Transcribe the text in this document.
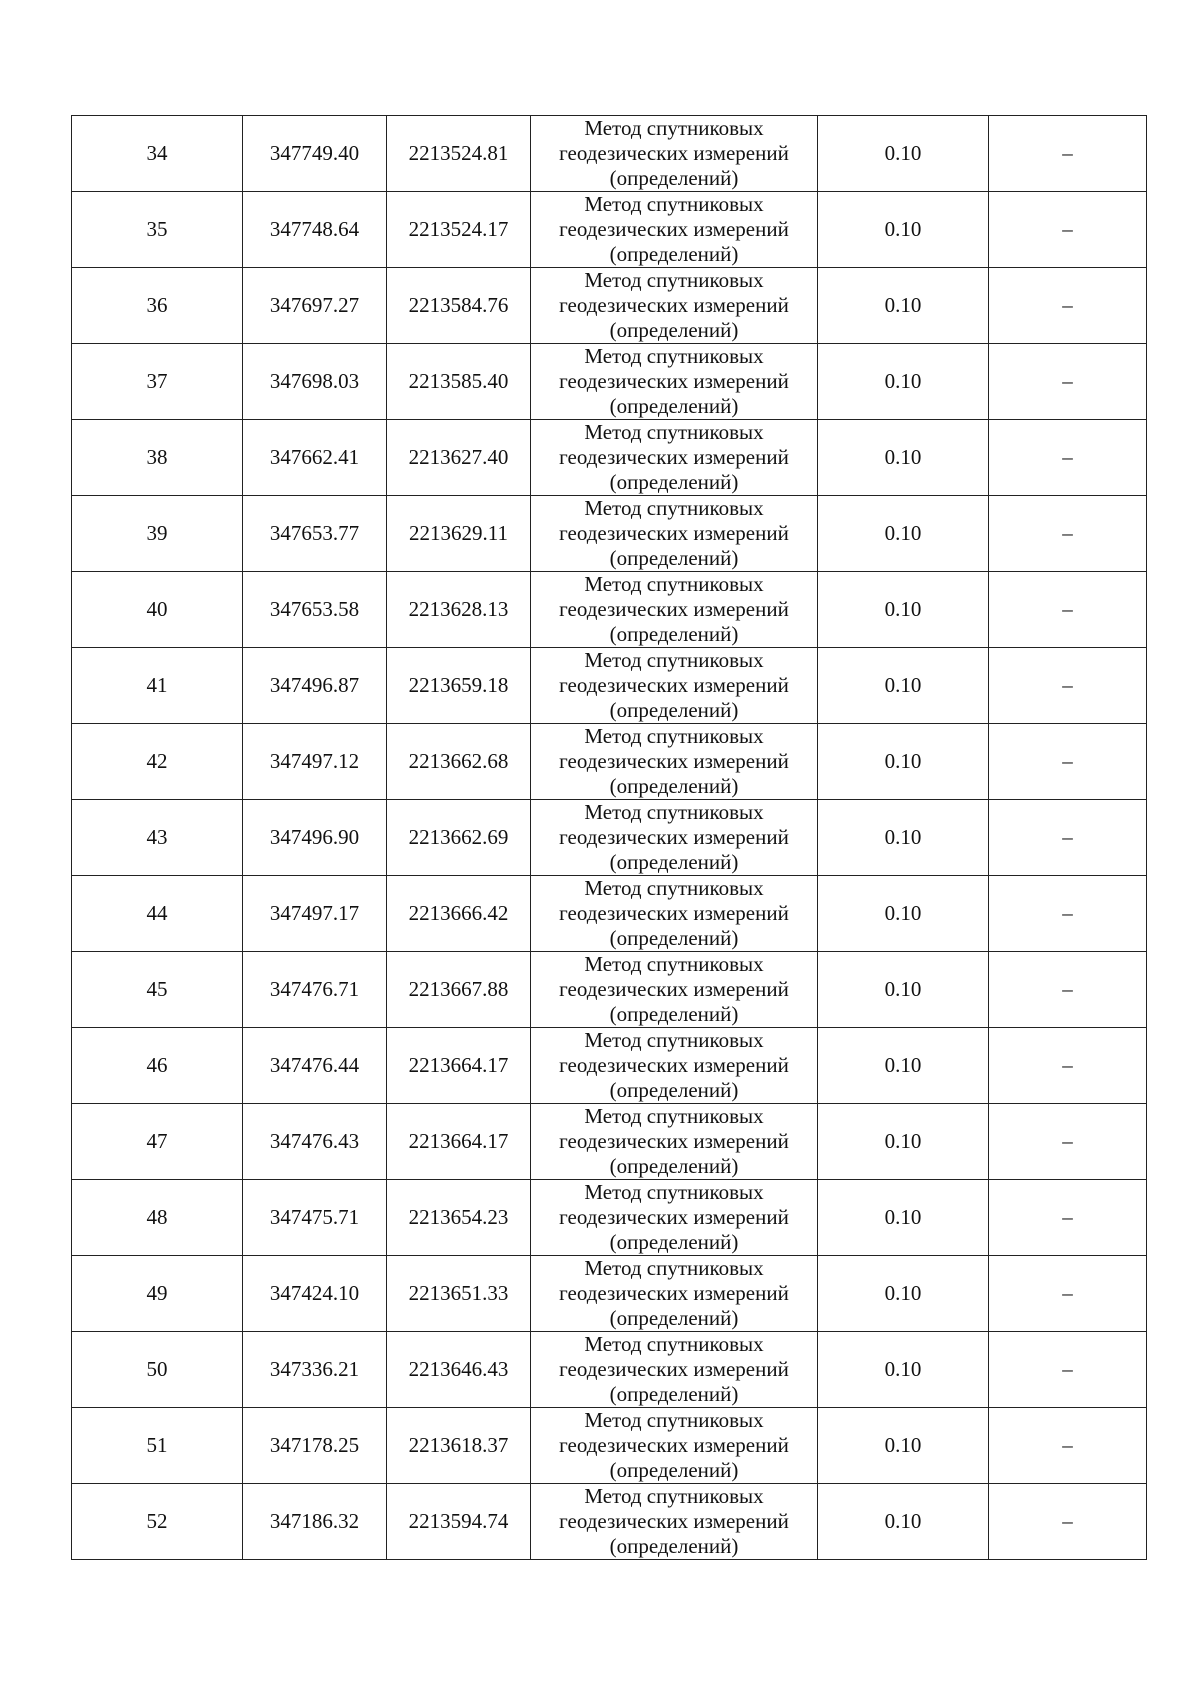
34	347749.40	2213524.81	Метод спутниковых
геодезических измерений
(определений)	0.10	–
35	347748.64	2213524.17	Метод спутниковых
геодезических измерений
(определений)	0.10	–
36	347697.27	2213584.76	Метод спутниковых
геодезических измерений
(определений)	0.10	–
37	347698.03	2213585.40	Метод спутниковых
геодезических измерений
(определений)	0.10	–
38	347662.41	2213627.40	Метод спутниковых
геодезических измерений
(определений)	0.10	–
39	347653.77	2213629.11	Метод спутниковых
геодезических измерений
(определений)	0.10	–
40	347653.58	2213628.13	Метод спутниковых
геодезических измерений
(определений)	0.10	–
41	347496.87	2213659.18	Метод спутниковых
геодезических измерений
(определений)	0.10	–
42	347497.12	2213662.68	Метод спутниковых
геодезических измерений
(определений)	0.10	–
43	347496.90	2213662.69	Метод спутниковых
геодезических измерений
(определений)	0.10	–
44	347497.17	2213666.42	Метод спутниковых
геодезических измерений
(определений)	0.10	–
45	347476.71	2213667.88	Метод спутниковых
геодезических измерений
(определений)	0.10	–
46	347476.44	2213664.17	Метод спутниковых
геодезических измерений
(определений)	0.10	–
47	347476.43	2213664.17	Метод спутниковых
геодезических измерений
(определений)	0.10	–
48	347475.71	2213654.23	Метод спутниковых
геодезических измерений
(определений)	0.10	–
49	347424.10	2213651.33	Метод спутниковых
геодезических измерений
(определений)	0.10	–
50	347336.21	2213646.43	Метод спутниковых
геодезических измерений
(определений)	0.10	–
51	347178.25	2213618.37	Метод спутниковых
геодезических измерений
(определений)	0.10	–
52	347186.32	2213594.74	Метод спутниковых
геодезических измерений
(определений)	0.10	–
